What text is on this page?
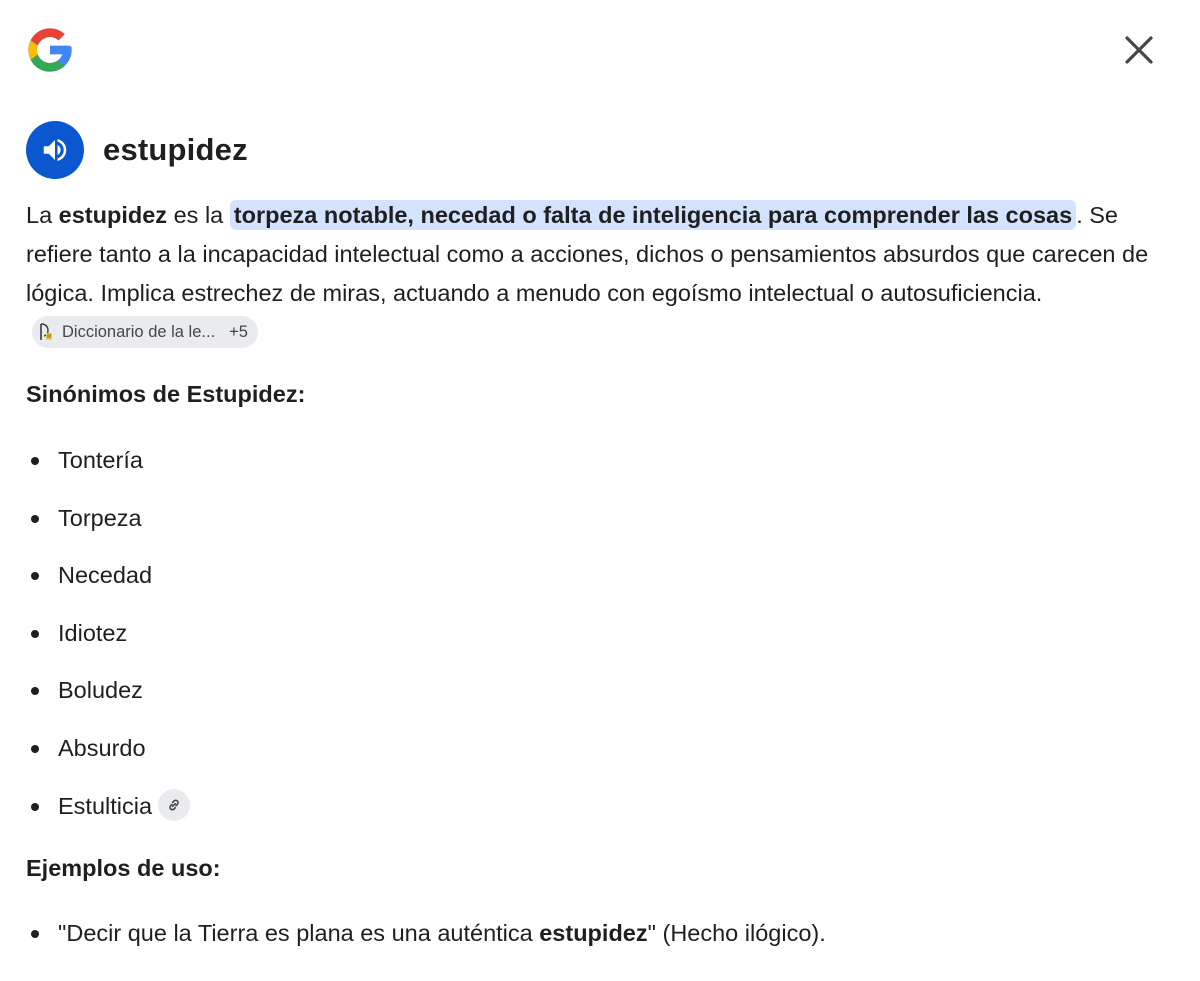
estupidez
La estupidez es la torpeza notable, necedad o falta de inteligencia para comprender las cosas . Se refiere tanto a la incapacidad intelectual como a acciones, dichos o pensamientos absurdos que carecen de lógica. Implica estrechez de miras, actuando a menudo con egoísmo intelectual o autosuficiencia.
Diccionario de la le... +5
Sinónimos de Estupidez:
Tontería
Torpeza
Necedad
Idiotez
Boludez
Absurdo
Estulticia
Ejemplos de uso:
"Decir que la Tierra es plana es una auténtica estupidez" (Hecho ilógico).
